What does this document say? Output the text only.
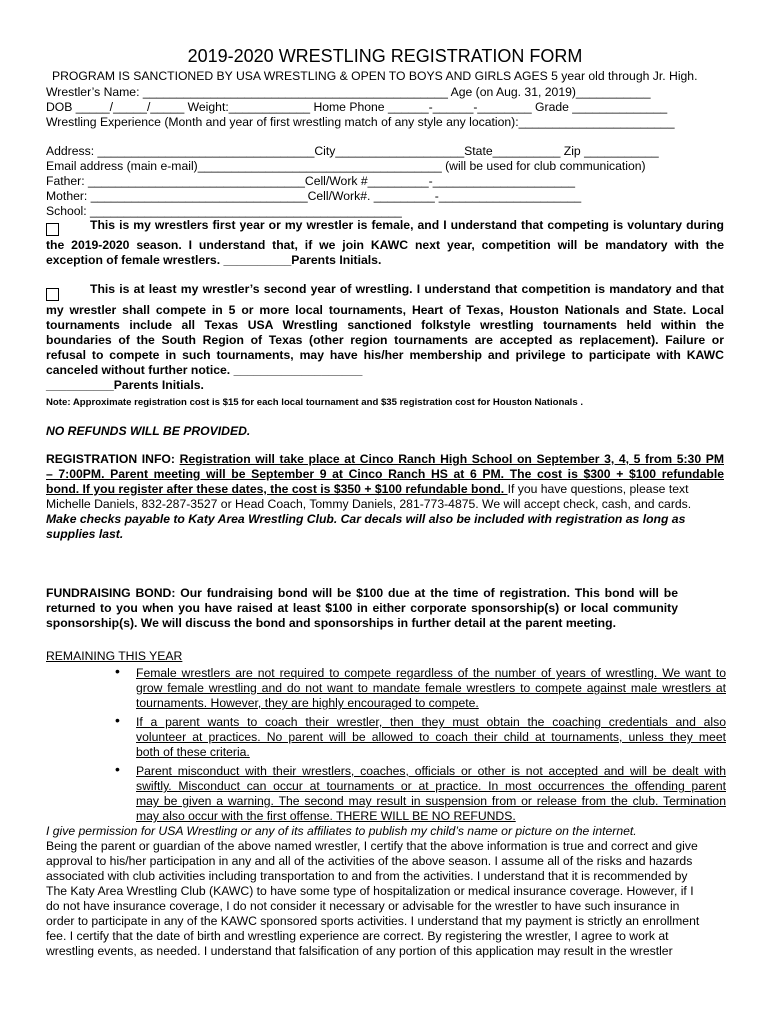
2019-2020 WRESTLING REGISTRATION FORM
PROGRAM IS SANCTIONED BY USA WRESTLING & OPEN TO BOYS AND GIRLS AGES 5 year old through Jr. High.
Wrestler’s Name: _____________________________________________ Age (on Aug. 31, 2019)___________
DOB _____/_____/_____ Weight:____________ Home Phone ______-______-________ Grade ______________
Wrestling Experience (Month and year of first wrestling match of any style any location):_______________________
Address: ________________________________City___________________State__________ Zip ___________
Email address (main e-mail)____________________________________ (will be used for club communication)
Father: ________________________________Cell/Work #_________-_____________________
Mother: ________________________________Cell/Work#. _________-_____________________
School: ______________________________________________
This is my wrestlers first year or my wrestler is female, and I understand that competing is voluntary during
the 2019-2020 season. I understand that, if we join KAWC next year, competition will be mandatory with the
exception of female wrestlers. __________Parents Initials.
This is at least my wrestler’s second year of wrestling. I understand that competition is mandatory and that
my wrestler shall compete in 5 or more local tournaments, Heart of Texas, Houston Nationals and State. Local
tournaments include all Texas USA Wrestling sanctioned folkstyle wrestling tournaments held within the
boundaries of the South Region of Texas (other region tournaments are accepted as replacement). Failure or
refusal to compete in such tournaments, may have his/her membership and privilege to participate with KAWC
canceled without further notice. ___________________
__________Parents Initials.
Note: Approximate registration cost is $15 for each local tournament and $35 registration cost for Houston Nationals .
NO REFUNDS WILL BE PROVIDED.
REGISTRATION INFO: Registration will take place at Cinco Ranch High School on September 3, 4, 5 from 5:30 PM
– 7:00PM. Parent meeting will be September 9 at Cinco Ranch HS at 6 PM. The cost is $300 + $100 refundable
bond. If you register after these dates, the cost is $350 + $100 refundable bond. If you have questions, please text
Michelle Daniels, 832-287-3527 or Head Coach, Tommy Daniels, 281-773-4875. We will accept check, cash, and cards.
Make checks payable to Katy Area Wrestling Club. Car decals will also be included with registration as long as
supplies last.
FUNDRAISING BOND: Our fundraising bond will be $100 due at the time of registration. This bond will be
returned to you when you have raised at least $100 in either corporate sponsorship(s) or local community
sponsorship(s). We will discuss the bond and sponsorships in further detail at the parent meeting.
REMAINING THIS YEAR
• Female wrestlers are not required to compete regardless of the number of years of wrestling. We want to
grow female wrestling and do not want to mandate female wrestlers to compete against male wrestlers at
tournaments. However, they are highly encouraged to compete.
• If a parent wants to coach their wrestler, then they must obtain the coaching credentials and also
volunteer at practices. No parent will be allowed to coach their child at tournaments, unless they meet
both of these criteria.
• Parent misconduct with their wrestlers, coaches, officials or other is not accepted and will be dealt with
swiftly. Misconduct can occur at tournaments or at practice. In most occurrences the offending parent
may be given a warning. The second may result in suspension from or release from the club. Termination
may also occur with the first offense. THERE WILL BE NO REFUNDS.
I give permission for USA Wrestling or any of its affiliates to publish my child’s name or picture on the internet.
Being the parent or guardian of the above named wrestler, I certify that the above information is true and correct and give
approval to his/her participation in any and all of the activities of the above season. I assume all of the risks and hazards
associated with club activities including transportation to and from the activities. I understand that it is recommended by
The Katy Area Wrestling Club (KAWC) to have some type of hospitalization or medical insurance coverage. However, if I
do not have insurance coverage, I do not consider it necessary or advisable for the wrestler to have such insurance in
order to participate in any of the KAWC sponsored sports activities. I understand that my payment is strictly an enrollment
fee. I certify that the date of birth and wrestling experience are correct. By registering the wrestler, I agree to work at
wrestling events, as needed. I understand that falsification of any portion of this application may result in the wrestler
